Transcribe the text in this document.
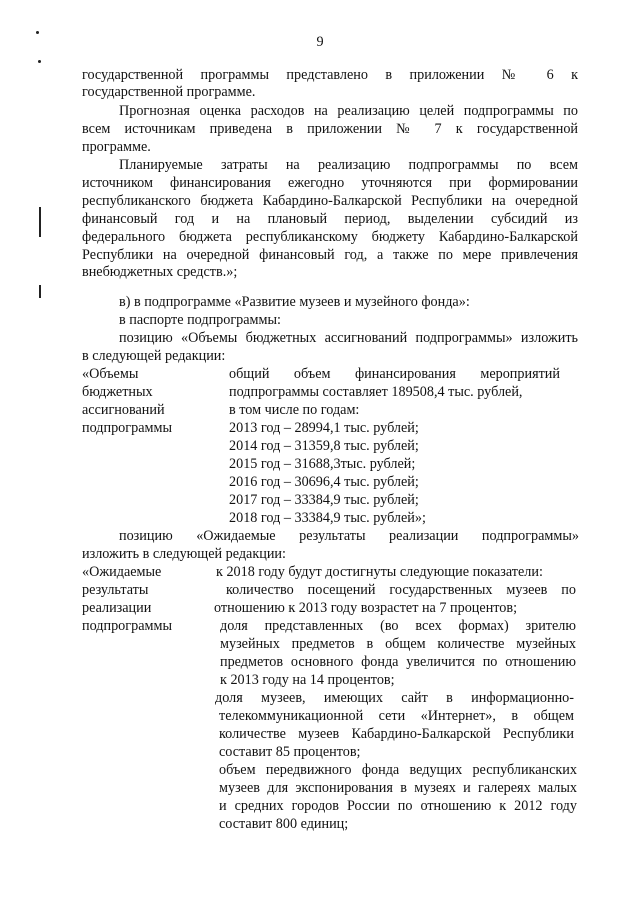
9
государственной программы представлено в приложении № 6 к
государственной программе.
Прогнозная оценка расходов на реализацию целей подпрограммы по
всем источникам приведена в приложении № 7 к государственной
программе.
Планируемые затраты на реализацию подпрограммы по всем
источником финансирования ежегодно уточняются при формировании
республиканского бюджета Кабардино-Балкарской Республики на очередной
финансовый год и на плановый период, выделении субсидий из
федерального бюджета республиканскому бюджету Кабардино-Балкарской
Республики на очередной финансовый год, а также по мере привлечения
внебюджетных средств.»;
в) в подпрограмме «Развитие музеев и музейного фонда»:
в паспорте подпрограммы:
позицию «Объемы бюджетных ассигнований подпрограммы» изложить
в следующей редакции:
«Объемы
бюджетных
ассигнований
подпрограммы
общий объем финансирования мероприятий
подпрограммы составляет 189508,4 тыс. рублей,
в том числе по годам:
2013 год – 28994,1 тыс. рублей;
2014 год – 31359,8 тыс. рублей;
2015 год – 31688,3тыс. рублей;
2016 год – 30696,4 тыс. рублей;
2017 год – 33384,9 тыс. рублей;
2018 год – 33384,9 тыс. рублей»;
позицию «Ожидаемые результаты реализации подпрограммы»
изложить в следующей редакции:
«Ожидаемые
результаты
реализации
подпрограммы
к 2018 году будут достигнуты следующие показатели:
количество посещений государственных музеев по
отношению к 2013 году возрастет на 7 процентов;
доля представленных (во всех формах) зрителю
музейных предметов в общем количестве музейных
предметов основного фонда увеличится по отношению
к 2013 году на 14 процентов;
доля музеев, имеющих сайт в информационно-
телекоммуникационной сети «Интернет», в общем
количестве музеев Кабардино-Балкарской Республики
составит 85 процентов;
объем передвижного фонда ведущих республиканских
музеев для экспонирования в музеях и галереях малых
и средних городов России по отношению к 2012 году
составит 800 единиц;
